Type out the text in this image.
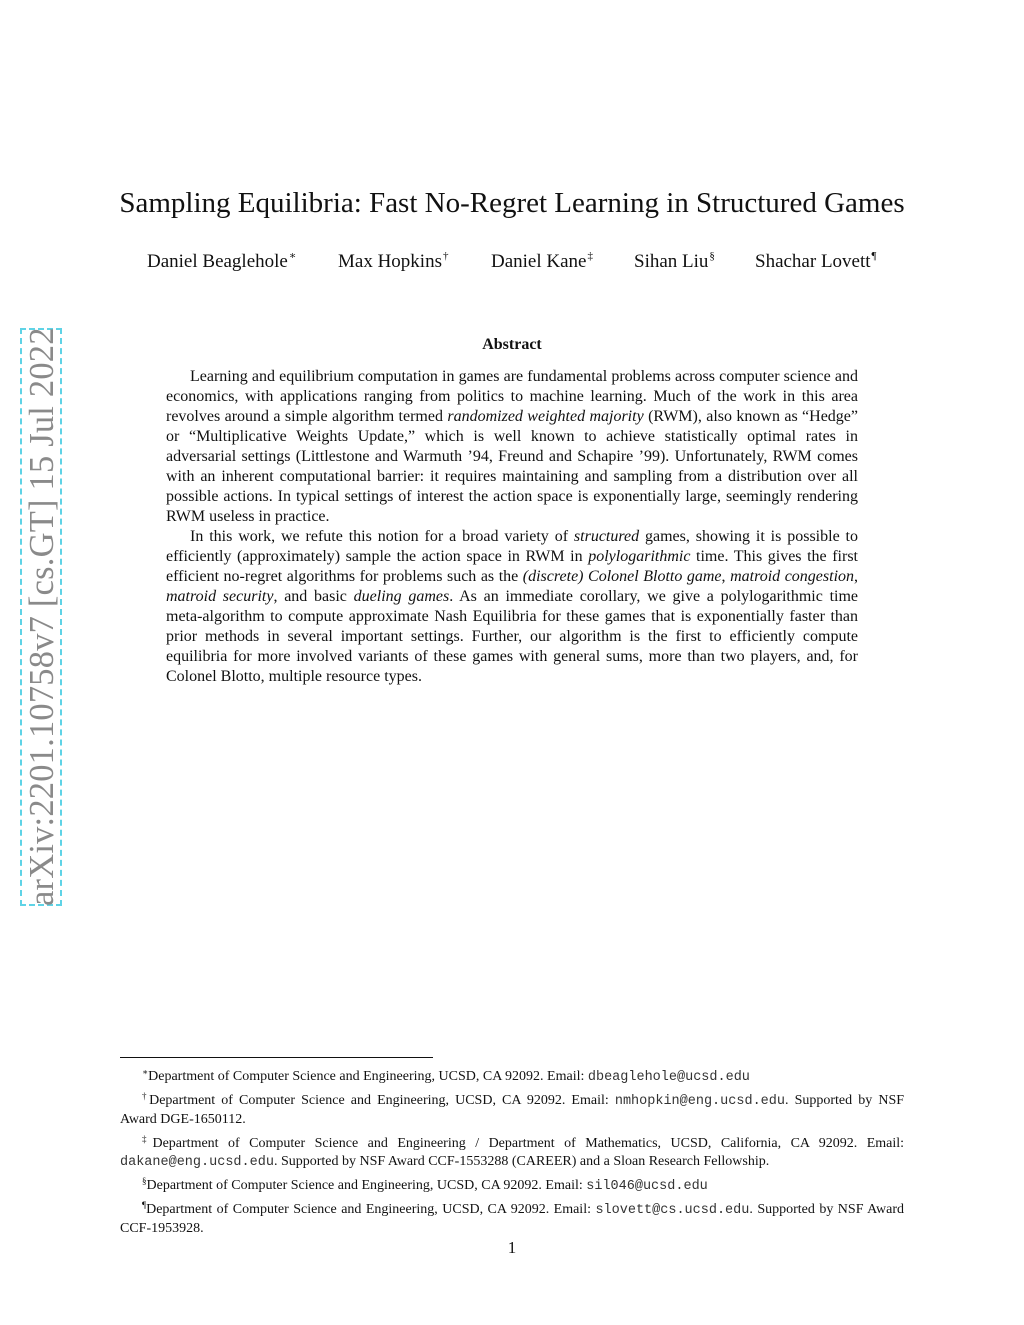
arXiv:2201.10758v7 [cs.GT] 15 Jul 2022
Sampling Equilibria: Fast No-Regret Learning in Structured Games
Daniel Beaglehole∗ Max Hopkins† Daniel Kane‡ Sihan Liu§ Shachar Lovett¶
Abstract

Learning and equilibrium computation in games are fundamental problems across computer science and economics, with applications ranging from politics to machine learning. Much of the work in this area revolves around a simple algorithm termed randomized weighted majority (RWM), also known as “Hedge” or “Multiplicative Weights Update,” which is well known to achieve statistically optimal rates in adversarial settings (Littlestone and Warmuth ’94, Freund and Schapire ’99). Unfortunately, RWM comes with an inherent computational barrier: it requires maintaining and sampling from a distribution over all possible actions. In typical settings of interest the action space is exponentially large, seemingly rendering RWM useless in practice.

In this work, we refute this notion for a broad variety of structured games, showing it is possible to efficiently (approximately) sample the action space in RWM in polylogarithmic time. This gives the first efficient no-regret algorithms for problems such as the (discrete) Colonel Blotto game, matroid congestion, matroid security, and basic dueling games. As an immediate corollary, we give a polylogarithmic time meta-algorithm to compute approximate Nash Equilibria for these games that is exponentially faster than prior methods in several important settings. Further, our algorithm is the first to efficiently compute equilibria for more involved variants of these games with general sums, more than two players, and, for Colonel Blotto, multiple resource types.

∗Department of Computer Science and Engineering, UCSD, CA 92092. Email: dbeaglehole@ucsd.edu

†Department of Computer Science and Engineering, UCSD, CA 92092. Email: nmhopkin@eng.ucsd.edu. Supported by NSF Award DGE-1650112.

‡Department of Computer Science and Engineering / Department of Mathematics, UCSD, California, CA 92092. Email: dakane@eng.ucsd.edu. Supported by NSF Award CCF-1553288 (CAREER) and a Sloan Research Fellowship.

§Department of Computer Science and Engineering, UCSD, CA 92092. Email: sil046@ucsd.edu

¶Department of Computer Science and Engineering, UCSD, CA 92092. Email: slovett@cs.ucsd.edu. Supported by NSF Award CCF-1953928.

1
